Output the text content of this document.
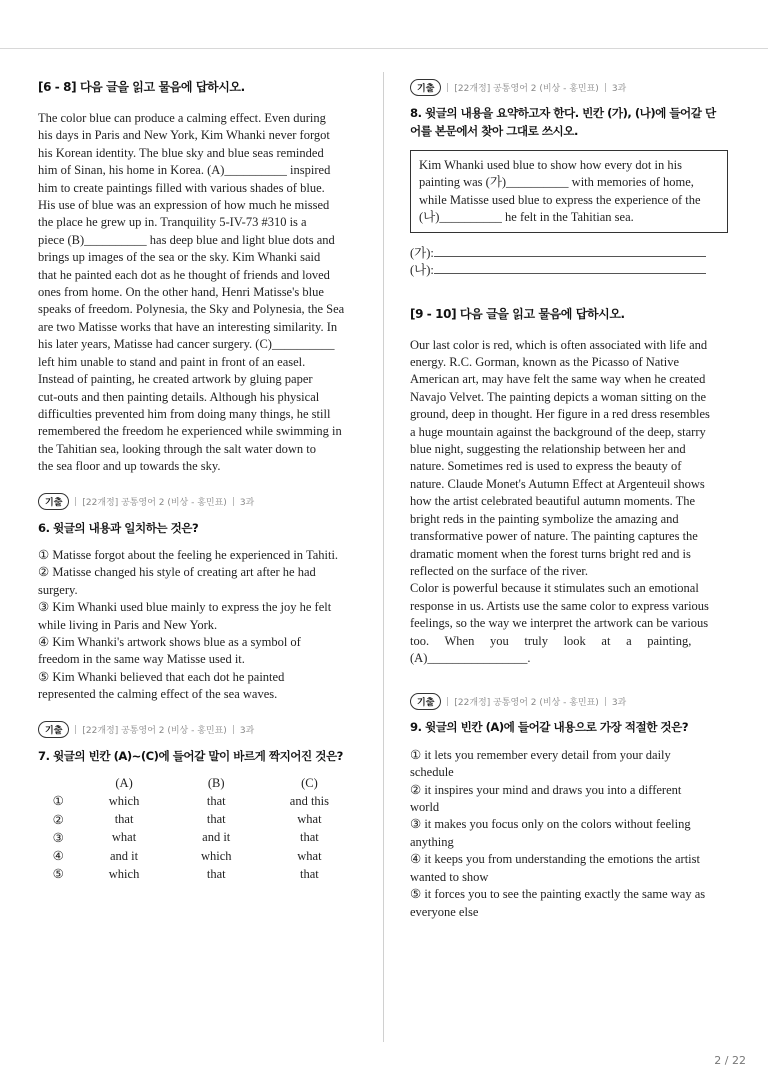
[6 - 8] 다음 글을 읽고 물음에 답하시오.

The color blue can produce a calming effect. Even during
his days in Paris and New York, Kim Whanki never forgot
his Korean identity. The blue sky and blue seas reminded
him of Sinan, his home in Korea. (A)__________ inspired
him to create paintings filled with various shades of blue.
His use of blue was an expression of how much he missed
the place he grew up in. Tranquility 5-IV-73 #310 is a
piece (B)__________ has deep blue and light blue dots and
brings up images of the sea or the sky. Kim Whanki said
that he painted each dot as he thought of friends and loved
ones from home. On the other hand, Henri Matisse's blue
speaks of freedom. Polynesia, the Sky and Polynesia, the Sea
are two Matisse works that have an interesting similarity. In
his later years, Matisse had cancer surgery. (C)__________
left him unable to stand and paint in front of an easel.
Instead of painting, he created artwork by gluing paper
cut-outs and then painting details. Although his physical
difficulties prevented him from doing many things, he still
remembered the freedom he experienced while swimming in
the Tahitian sea, looking through the salt water down to
the sea floor and up towards the sky.
기출	[22개정] 공통영어 2 (비상 - 홍민표) 3과

6. 윗글의 내용과 일치하는 것은?

① Matisse forgot about the feeling he experienced in Tahiti.
② Matisse changed his style of creating art after he had
surgery.
③ Kim Whanki used blue mainly to express the joy he felt
while living in Paris and New York.
④ Kim Whanki's artwork shows blue as a symbol of
freedom in the same way Matisse used it.
⑤ Kim Whanki believed that each dot he painted
represented the calming effect of the sea waves.
기출	[22개정] 공통영어 2 (비상 - 홍민표) 3과

7. 윗글의 빈칸 (A)~(C)에 들어갈 말이 바르게 짝지어진 것은?

	(A)	(B)	(C)
①	which	that	and this
②	that	that	what
③	what	and it	that
④	and it	which	what
⑤	which	that	that
기출	[22개정] 공통영어 2 (비상 - 홍민표) 3과

8. 윗글의 내용을 요약하고자 한다. 빈칸 (가), (나)에 들어갈 단

어를 본문에서 찾아 그대로 쓰시오.

Kim Whanki used blue to show how every dot in his
painting was (가)__________ with memories of home,
while Matisse used blue to express the experience of the
(나)__________ he felt in the Tahitian sea.
(가):
(나):

[9 - 10] 다음 글을 읽고 물음에 답하시오.

Our last color is red, which is often associated with life and
energy. R.C. Gorman, known as the Picasso of Native
American art, may have felt the same way when he created
Navajo Velvet. The painting depicts a woman sitting on the
ground, deep in thought. Her figure in a red dress resembles
a huge mountain against the background of the deep, starry
blue night, suggesting the relationship between her and
nature. Sometimes red is used to express the beauty of
nature. Claude Monet's Autumn Effect at Argenteuil shows
how the artist celebrated beautiful autumn moments. The
bright reds in the painting symbolize the amazing and
transformative power of nature. The painting captures the
dramatic moment when the forest turns bright red and is
reflected on the surface of the river.
Color is powerful because it stimulates such an emotional
response in us. Artists use the same color to express various
feelings, so the way we interpret the artwork can be various
too.     When     you     truly     look     at     a     painting,
(A)________________.
기출	[22개정] 공통영어 2 (비상 - 홍민표) 3과

9. 윗글의 빈칸 (A)에 들어갈 내용으로 가장 적절한 것은?

① it lets you remember every detail from your daily
schedule
② it inspires your mind and draws you into a different
world
③ it makes you focus only on the colors without feeling
anything
④ it keeps you from understanding the emotions the artist
wanted to show
⑤ it forces you to see the painting exactly the same way as
everyone else
2 / 22
